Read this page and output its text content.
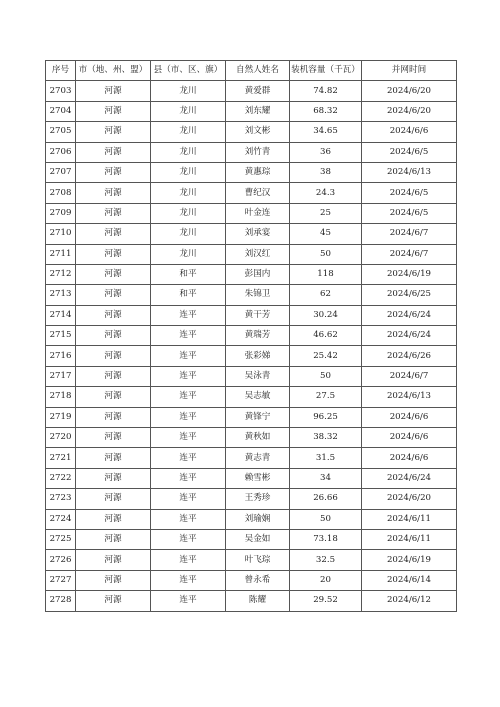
序号	市（地、州、盟）	县（市、区、旗）	自然人姓名	装机容量（千瓦）	并网时间
2703	河源	龙川	黄爱群	74.82	2024/6/20
2704	河源	龙川	刘东耀	68.32	2024/6/20
2705	河源	龙川	刘文彬	34.65	2024/6/6
2706	河源	龙川	刘竹青	36	2024/6/5
2707	河源	龙川	黄惠琮	38	2024/6/13
2708	河源	龙川	曹纪汉	24.3	2024/6/5
2709	河源	龙川	叶金连	25	2024/6/5
2710	河源	龙川	刘承宴	45	2024/6/7
2711	河源	龙川	刘汉红	50	2024/6/7
2712	河源	和平	彭国内	118	2024/6/19
2713	河源	和平	朱锦卫	62	2024/6/25
2714	河源	连平	黄干芳	30.24	2024/6/24
2715	河源	连平	黄瑞芳	46.62	2024/6/24
2716	河源	连平	张彩娣	25.42	2024/6/26
2717	河源	连平	吴泳青	50	2024/6/7
2718	河源	连平	吴志敏	27.5	2024/6/13
2719	河源	连平	黄锋宁	96.25	2024/6/6
2720	河源	连平	黄秋如	38.32	2024/6/6
2721	河源	连平	黄志青	31.5	2024/6/6
2722	河源	连平	赖雪彬	34	2024/6/24
2723	河源	连平	王秀珍	26.66	2024/6/20
2724	河源	连平	刘瑜娴	50	2024/6/11
2725	河源	连平	吴金如	73.18	2024/6/11
2726	河源	连平	叶飞琮	32.5	2024/6/19
2727	河源	连平	曾永希	20	2024/6/14
2728	河源	连平	陈耀	29.52	2024/6/12
